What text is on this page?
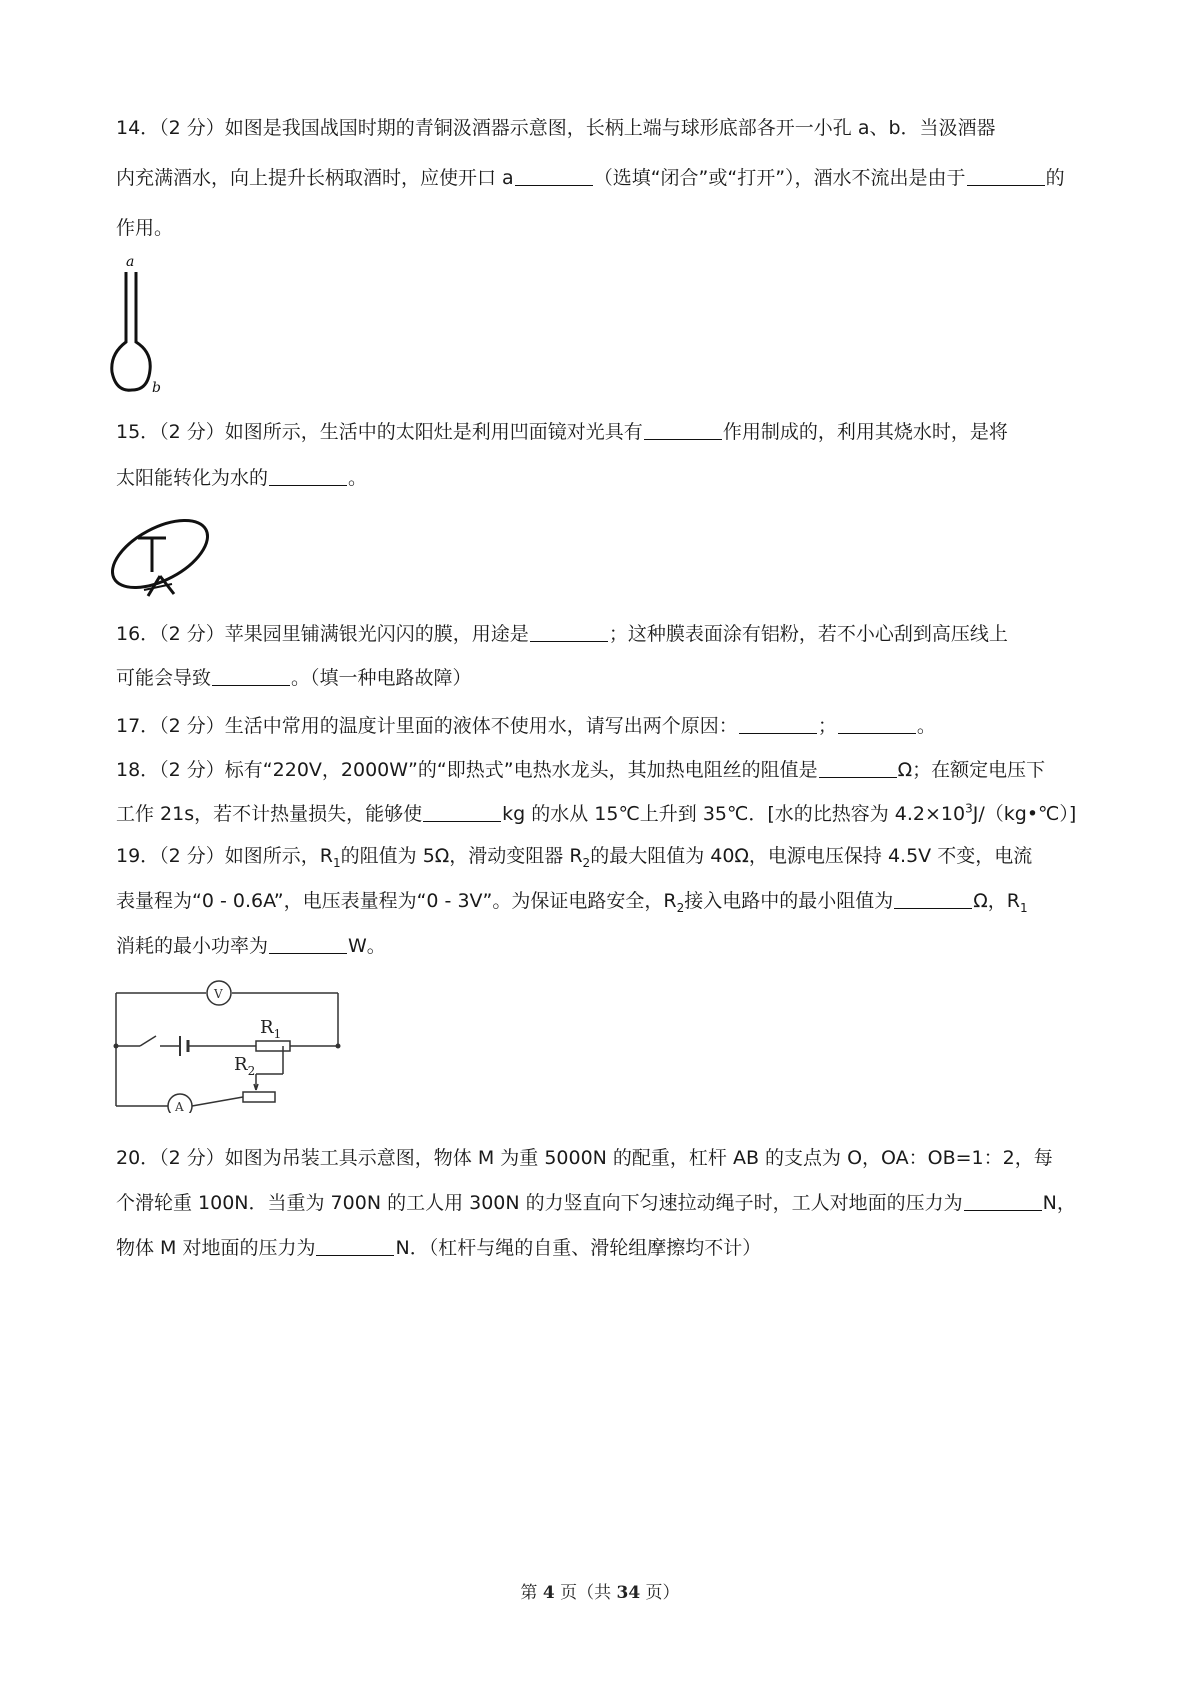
14．（2 分）如图是我国战国时期的青铜汲酒器示意图，长柄上端与球形底部各开一小孔 a、b．当汲酒器
内充满酒水，向上提升长柄取酒时，应使开口 a	（选填“闭合”或“打开”），酒水不流出是由于	的
作用。
a
b
15．（2 分）如图所示，生活中的太阳灶是利用凹面镜对光具有	作用制成的，利用其烧水时，是将
太阳能转化为水的	。
16．（2 分）苹果园里铺满银光闪闪的膜，用途是	；这种膜表面涂有铝粉，若不小心刮到高压线上
可能会导致	。（填一种电路故障）
17．（2 分）生活中常用的温度计里面的液体不使用水，请写出两个原因：	；	。
18．（2 分）标有“220V，2000W”的“即热式”电热水龙头，其加热电阻丝的阻值是	Ω；在额定电压下
工作 21s，若不计热量损失，能够使	kg 的水从 15℃上升到 35℃．[水的比热容为 $4.2\times 10^3J/(kg•℃)$]
19．（2 分）如图所示，$R_1$的阻值为 5Ω，滑动变阻器 $R_2$的最大阻值为 40Ω，电源电压保持 4.5V 不变，电流
表量程为“0 - 0.6A”，电压表量程为“0 - 3V”。为保证电路安全，$R_2$接入电路中的最小阻值为	Ω，$R_1$
消耗的最小功率为	W。
V
A
$R_1$
$R_2$
20．（2 分）如图为吊装工具示意图，物体 M 为重 5000N 的配重，杠杆 AB 的支点为 O，OA：OB=1：2，每
个滑轮重 100N．当重为 700N 的工人用 300N 的力竖直向下匀速拉动绳子时，工人对地面的压力为	N，
物体 M 对地面的压力为	N．（杠杆与绳的自重、滑轮组摩擦均不计）
第 4 页（共 34 页）
